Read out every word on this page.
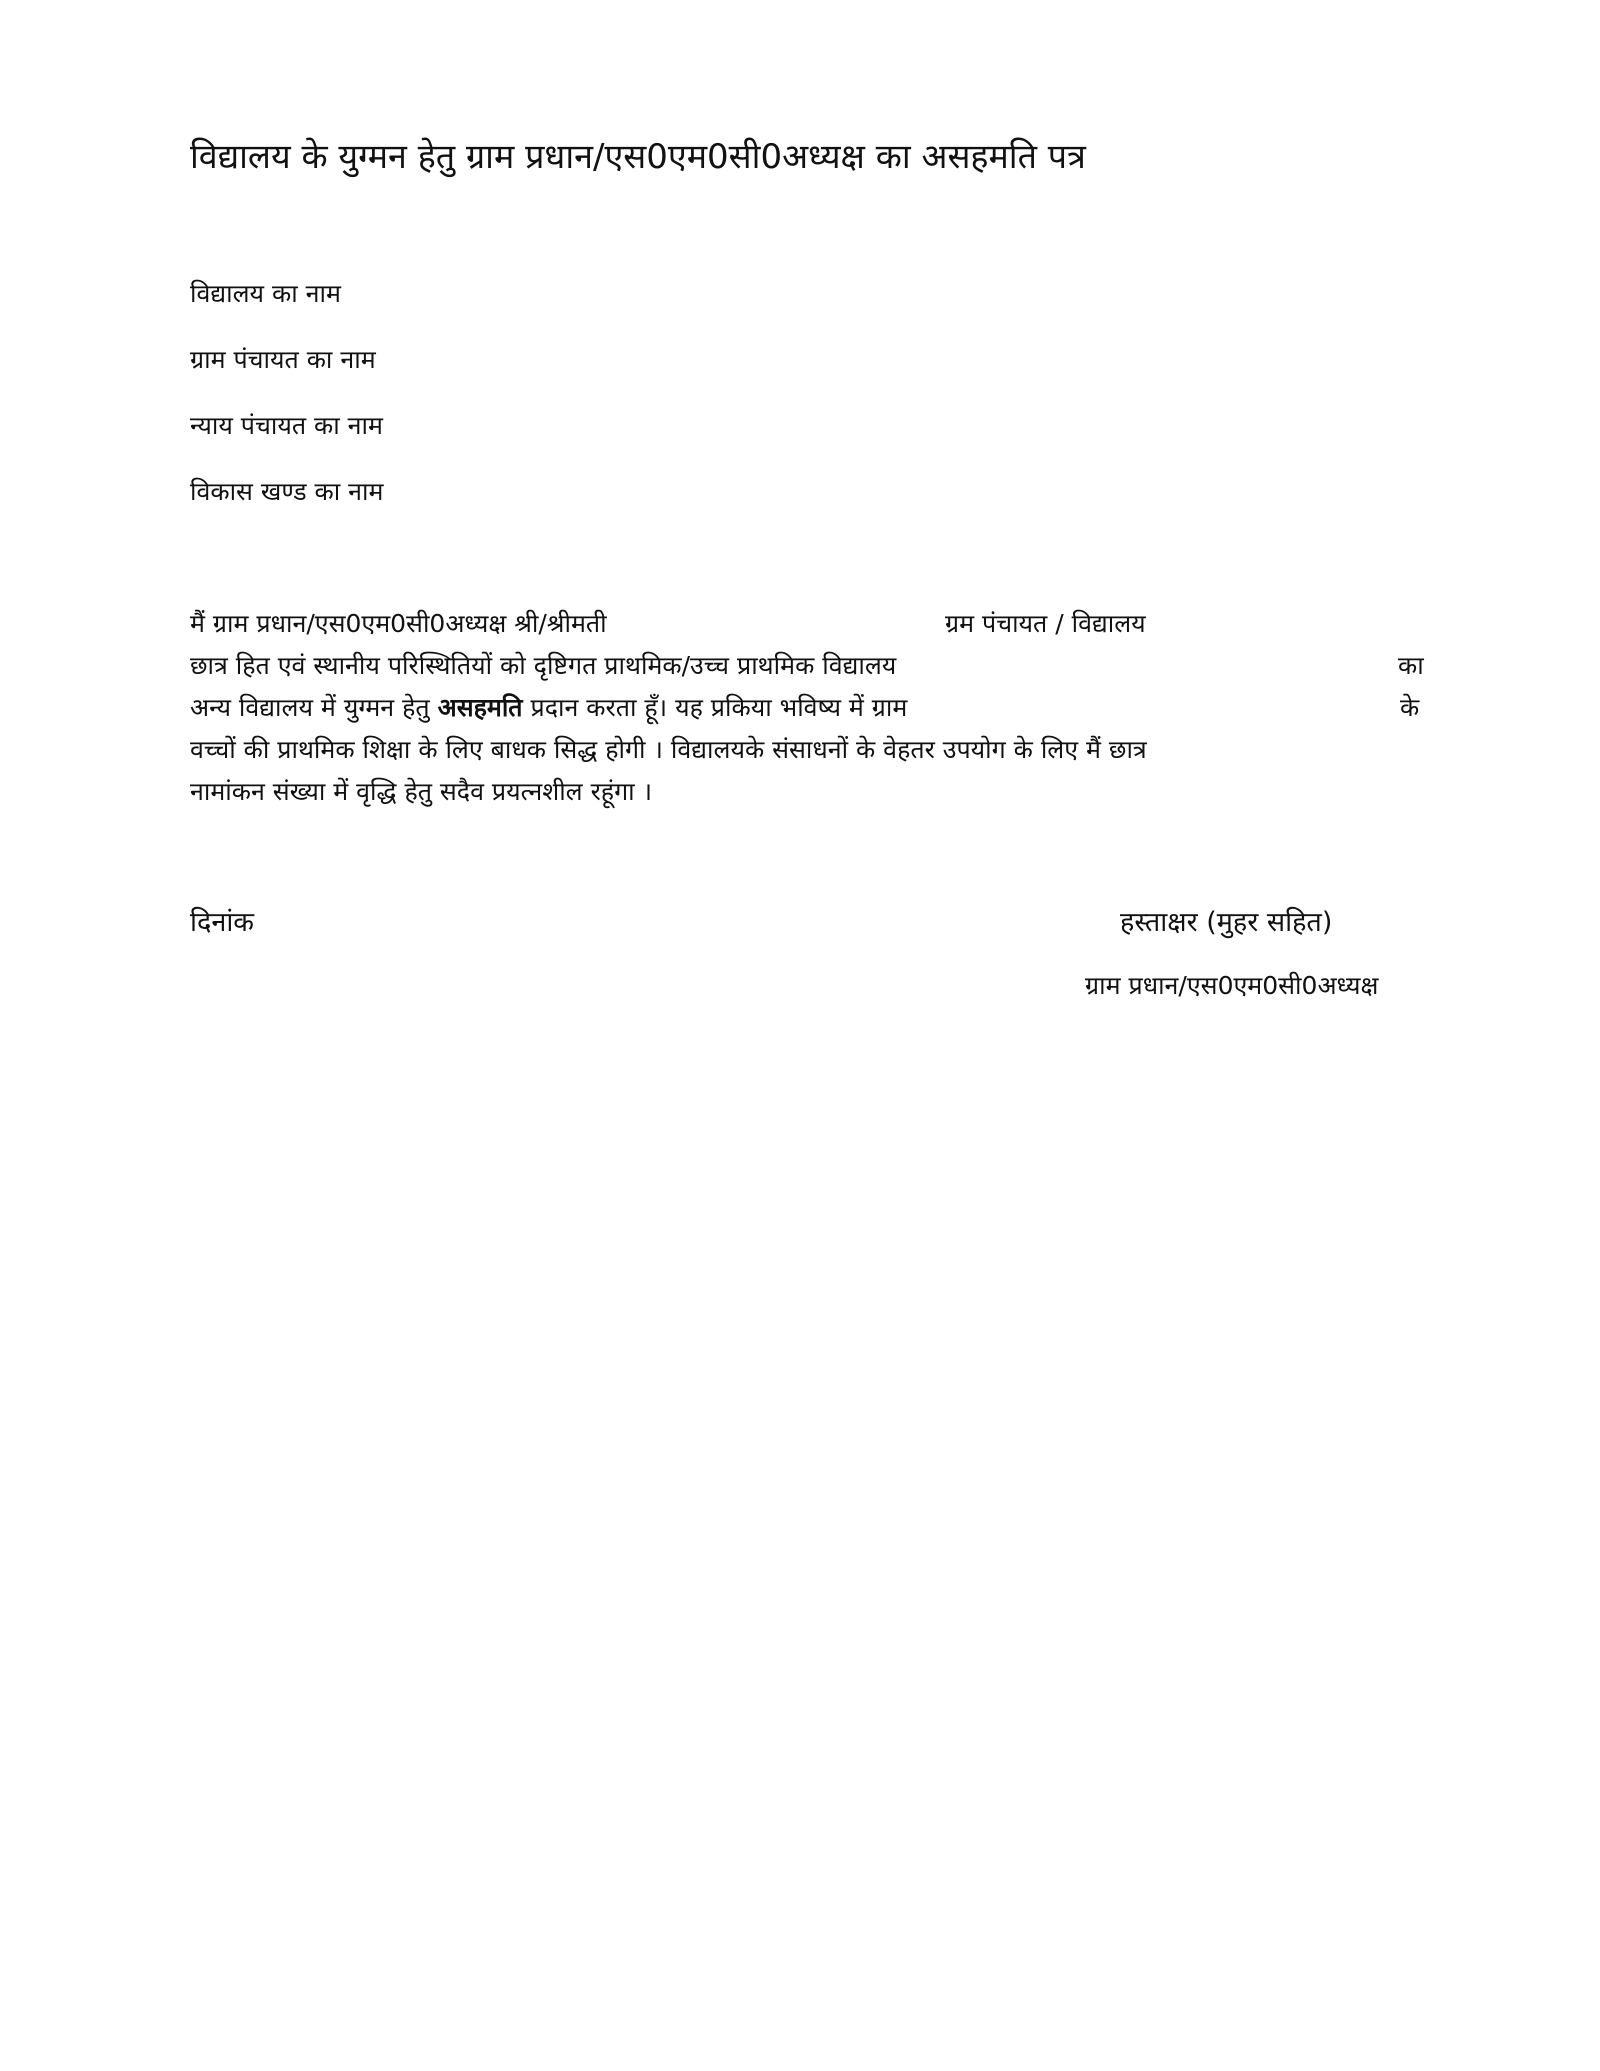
विद्यालय के युग्मन हेतु ग्राम प्रधान/एस0एम0सी0अध्यक्ष का असहमति पत्र
विद्यालय का नाम
ग्राम पंचायत का नाम
न्याय पंचायत का नाम
विकास खण्ड का नाम
मैं ग्राम प्रधान/एस0एम0सी0अध्यक्ष श्री/श्रीमती	ग्रम पंचायत / विद्यालय
छात्र हित एवं स्थानीय परिस्थितियों को दृष्टिगत प्राथमिक/उच्च प्राथमिक विद्यालय	का
अन्य विद्यालय में युग्मन हेतु असहमति प्रदान करता हूँ। यह प्रकिया भविष्य में ग्राम	के
वच्चों की प्राथमिक शिक्षा के लिए बाधक सिद्ध होगी । विद्यालयके संसाधनों के वेहतर उपयोग के लिए मैं छात्र
नामांकन संख्या में वृद्धि हेतु सदैव प्रयत्नशील रहूंगा ।
दिनांक	हस्ताक्षर (मुहर सहित)
ग्राम प्रधान/एस0एम0सी0अध्यक्ष
